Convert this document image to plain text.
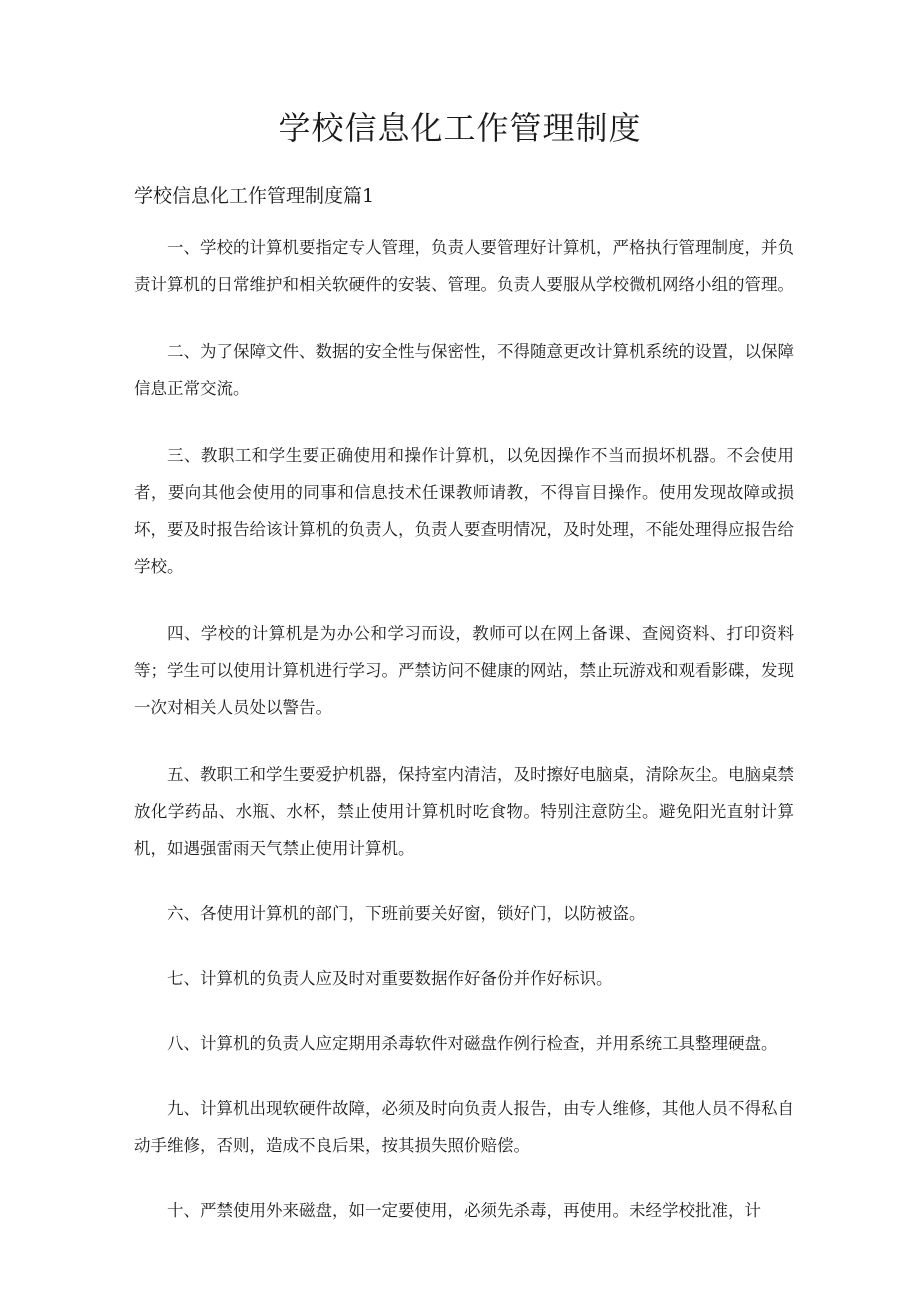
学校信息化工作管理制度
学校信息化工作管理制度篇1

一、学校的计算机要指定专人管理，负责人要管理好计算机，严格执行管理制度，并负责计算机的日常维护和相关软硬件的安装、管理。负责人要服从学校微机网络小组的管理。

二、为了保障文件、数据的安全性与保密性，不得随意更改计算机系统的设置，以保障信息正常交流。

三、教职工和学生要正确使用和操作计算机，以免因操作不当而损坏机器。不会使用者，要向其他会使用的同事和信息技术任课教师请教，不得盲目操作。使用发现故障或损坏，要及时报告给该计算机的负责人，负责人要查明情况，及时处理，不能处理得应报告给学校。

四、学校的计算机是为办公和学习而设，教师可以在网上备课、查阅资料、打印资料等；学生可以使用计算机进行学习。严禁访问不健康的网站，禁止玩游戏和观看影碟，发现一次对相关人员处以警告。

五、教职工和学生要爱护机器，保持室内清洁，及时擦好电脑桌，清除灰尘。电脑桌禁放化学药品、水瓶、水杯，禁止使用计算机时吃食物。特别注意防尘。避免阳光直射计算机，如遇强雷雨天气禁止使用计算机。

六、各使用计算机的部门，下班前要关好窗，锁好门，以防被盗。

七、计算机的负责人应及时对重要数据作好备份并作好标识。

八、计算机的负责人应定期用杀毒软件对磁盘作例行检查，并用系统工具整理硬盘。

九、计算机出现软硬件故障，必须及时向负责人报告，由专人维修，其他人员不得私自动手维修，否则，造成不良后果，按其损失照价赔偿。

十、严禁使用外来磁盘，如一定要使用，必须先杀毒，再使用。未经学校批准，计
